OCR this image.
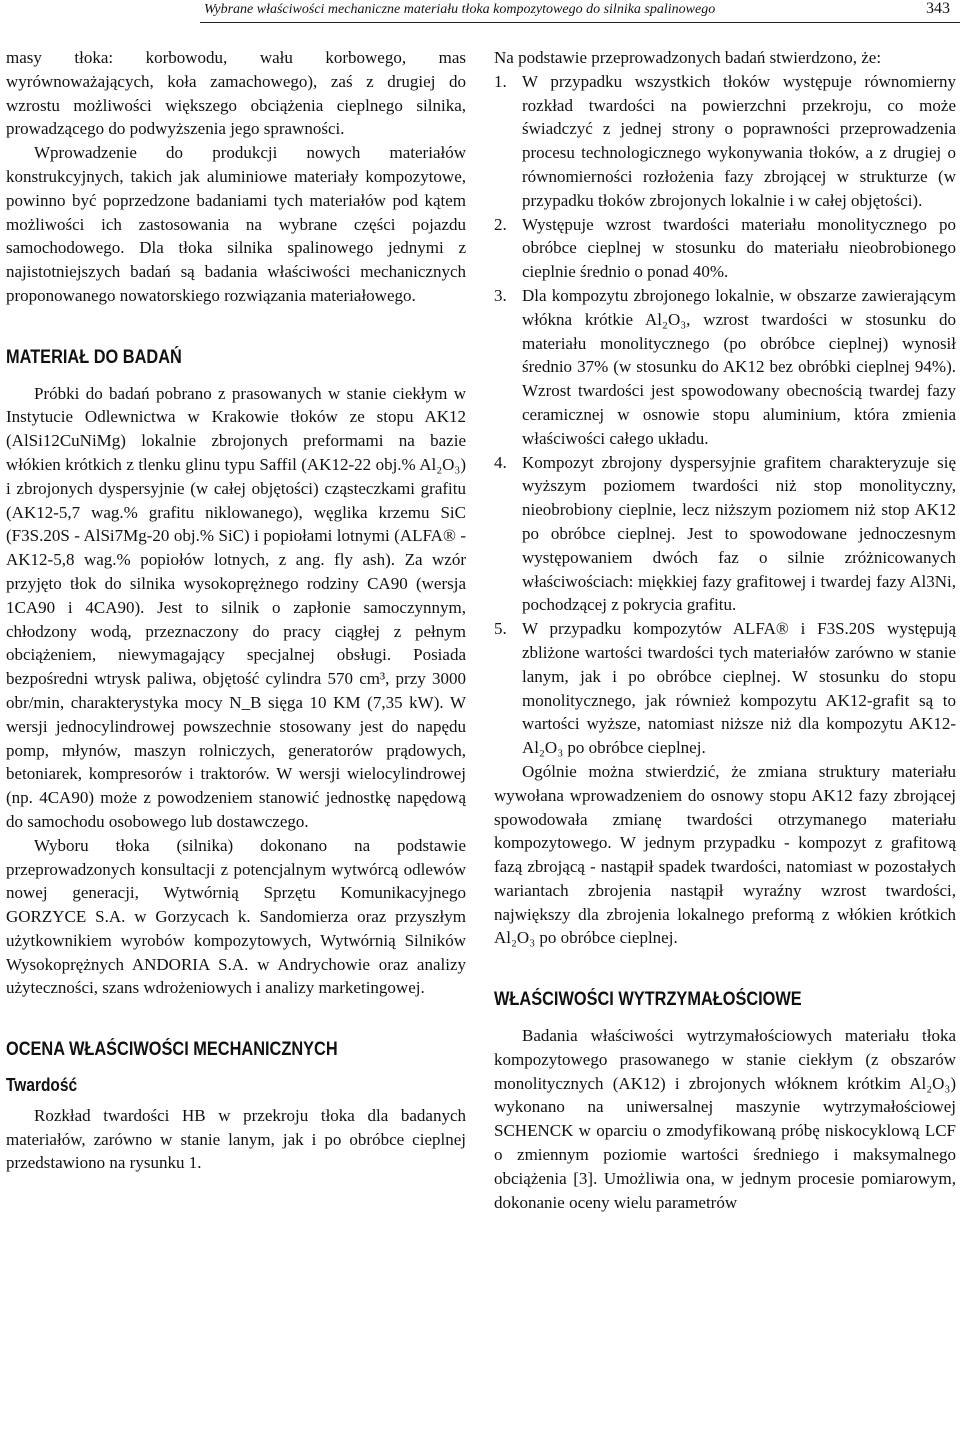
Wybrane właściwości mechaniczne materiału tłoka kompozytowego do silnika spalinowego	343

masy tłoka: korbowodu, wału korbowego, mas wyrównoważających, koła zamachowego), zaś z drugiej do wzrostu możliwości większego obciążenia cieplnego silnika, prowadzącego do podwyższenia jego sprawności.

Wprowadzenie do produkcji nowych materiałów konstrukcyjnych, takich jak aluminiowe materiały kompozytowe, powinno być poprzedzone badaniami tych materiałów pod kątem możliwości ich zastosowania na wybrane części pojazdu samochodowego. Dla tłoka silnika spalinowego jednymi z najistotniejszych badań są badania właściwości mechanicznych proponowanego nowatorskiego rozwiązania materiałowego.

MATERIAŁ DO BADAŃ

Próbki do badań pobrano z prasowanych w stanie ciekłym w Instytucie Odlewnictwa w Krakowie tłoków ze stopu AK12 (AlSi12CuNiMg) lokalnie zbrojonych preformami na bazie włókien krótkich z tlenku glinu typu Saffil (AK12-22 obj.% Al₂O₃) i zbrojonych dyspersyjnie (w całej objętości) cząsteczkami grafitu (AK12-5,7 wag.% grafitu niklowanego), węglika krzemu SiC (F3S.20S - AlSi7Mg-20 obj.% SiC) i popiołami lotnymi (ALFA® - AK12-5,8 wag.% popiołów lotnych, z ang. fly ash). Za wzór przyjęto tłok do silnika wysokoprężnego rodziny CA90 (wersja 1CA90 i 4CA90). Jest to silnik o zapłonie samoczynnym, chłodzony wodą, przeznaczony do pracy ciągłej z pełnym obciążeniem, niewymagający specjalnej obsługi. Posiada bezpośredni wtrysk paliwa, objętość cylindra 570 cm³, przy 3000 obr/min, charakterystyka mocy N_B sięga 10 KM (7,35 kW). W wersji jednocylindrowej powszechnie stosowany jest do napędu pomp, młynów, maszyn rolniczych, generatorów prądowych, betoniarek, kompresorów i traktorów. W wersji wielocylindrowej (np. 4CA90) może z powodzeniem stanowić jednostkę napędową do samochodu osobowego lub dostawczego.

Wyboru tłoka (silnika) dokonano na podstawie przeprowadzonych konsultacji z potencjalnym wytwórcą odlewów nowej generacji, Wytwórnią Sprzętu Komunikacyjnego GORZYCE S.A. w Gorzycach k. Sandomierza oraz przyszłym użytkownikiem wyrobów kompozytowych, Wytwórnią Silników Wysokoprężnych ANDORIA S.A. w Andrychowie oraz analizy użyteczności, szans wdrożeniowych i analizy marketingowej.

OCENA WŁAŚCIWOŚCI MECHANICZNYCH
Twardość

Rozkład twardości HB w przekroju tłoka dla badanych materiałów, zarówno w stanie lanym, jak i po obróbce cieplnej przedstawiono na rysunku 1.

Na podstawie przeprowadzonych badań stwierdzono, że:

1. W przypadku wszystkich tłoków występuje równomierny rozkład twardości na powierzchni przekroju, co może świadczyć z jednej strony o poprawności przeprowadzenia procesu technologicznego wykonywania tłoków, a z drugiej o równomierności rozłożenia fazy zbrojącej w strukturze (w przypadku tłoków zbrojonych lokalnie i w całej objętości).
2. Występuje wzrost twardości materiału monolitycznego po obróbce cieplnej w stosunku do materiału nieobrobionego cieplnie średnio o ponad 40%.
3. Dla kompozytu zbrojonego lokalnie, w obszarze zawierającym włókna krótkie Al₂O₃, wzrost twardości w stosunku do materiału monolitycznego (po obróbce cieplnej) wynosił średnio 37% (w stosunku do AK12 bez obróbki cieplnej 94%). Wzrost twardości jest spowodowany obecnością twardej fazy ceramicznej w osnowie stopu aluminium, która zmienia właściwości całego układu.
4. Kompozyt zbrojony dyspersyjnie grafitem charakteryzuje się wyższym poziomem twardości niż stop monolityczny, nieobrobiony cieplnie, lecz niższym poziomem niż stop AK12 po obróbce cieplnej. Jest to spowodowane jednoczesnym występowaniem dwóch faz o silnie zróżnicowanych właściwościach: miękkiej fazy grafitowej i twardej fazy Al3Ni, pochodzącej z pokrycia grafitu.
5. W przypadku kompozytów ALFA® i F3S.20S występują zbliżone wartości twardości tych materiałów zarówno w stanie lanym, jak i po obróbce cieplnej. W stosunku do stopu monolitycznego, jak również kompozytu AK12-grafit są to wartości wyższe, natomiast niższe niż dla kompozytu AK12-Al₂O₃ po obróbce cieplnej.

Ogólnie można stwierdzić, że zmiana struktury materiału wywołana wprowadzeniem do osnowy stopu AK12 fazy zbrojącej spowodowała zmianę twardości otrzymanego materiału kompozytowego. W jednym przypadku - kompozyt z grafitową fazą zbrojącą - nastąpił spadek twardości, natomiast w pozostałych wariantach zbrojenia nastąpił wyraźny wzrost twardości, największy dla zbrojenia lokalnego preformą z włókien krótkich Al₂O₃ po obróbce cieplnej.

WŁAŚCIWOŚCI WYTRZYMAŁOŚCIOWE

Badania właściwości wytrzymałościowych materiału tłoka kompozytowego prasowanego w stanie ciekłym (z obszarów monolitycznych (AK12) i zbrojonych włóknem krótkim Al₂O₃) wykonano na uniwersalnej maszynie wytrzymałościowej SCHENCK w oparciu o zmodyfikowaną próbę niskocyklową LCF o zmiennym poziomie wartości średniego i maksymalnego obciążenia [3]. Umożliwia ona, w jednym procesie pomiarowym, dokonanie oceny wielu parametrów
